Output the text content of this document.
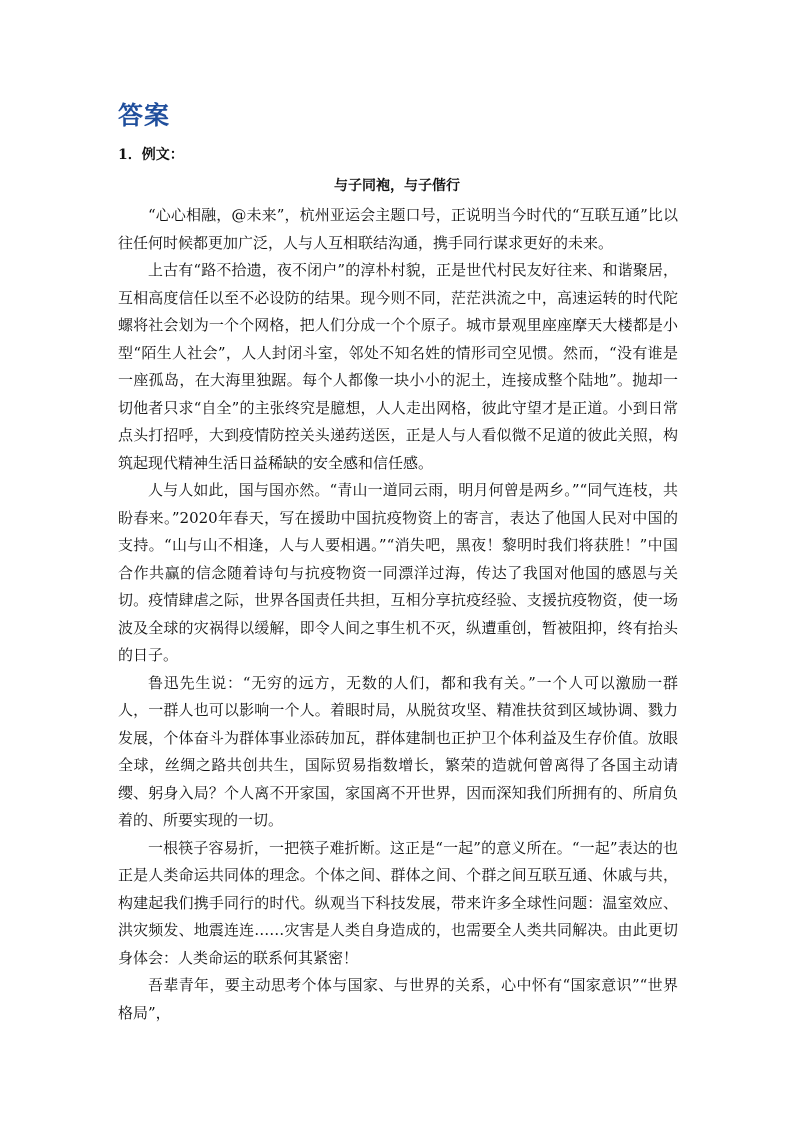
答案
1．例文：
与子同袍，与子偕行

“心心相融，@未来”，杭州亚运会主题口号，正说明当今时代的“互联互通”比以往任何时候都更加广泛，人与人互相联结沟通，携手同行谋求更好的未来。

上古有“路不拾遗，夜不闭户”的淳朴村貌，正是世代村民友好往来、和谐聚居，互相高度信任以至不必设防的结果。现今则不同，茫茫洪流之中，高速运转的时代陀螺将社会划为一个个网格，把人们分成一个个原子。城市景观里座座摩天大楼都是小型“陌生人社会”，人人封闭斗室，邻处不知名姓的情形司空见惯。然而，“没有谁是一座孤岛，在大海里独踞。每个人都像一块小小的泥土，连接成整个陆地”。抛却一切他者只求“自全”的主张终究是臆想，人人走出网格，彼此守望才是正道。小到日常点头打招呼，大到疫情防控关头递药送医，正是人与人看似微不足道的彼此关照，构筑起现代精神生活日益稀缺的安全感和信任感。

人与人如此，国与国亦然。“青山一道同云雨，明月何曾是两乡。”“同气连枝，共盼春来。”2020年春天，写在援助中国抗疫物资上的寄言，表达了他国人民对中国的支持。“山与山不相逢，人与人要相遇。”“消失吧，黑夜！黎明时我们将获胜！”中国合作共赢的信念随着诗句与抗疫物资一同漂洋过海，传达了我国对他国的感恩与关切。疫情肆虐之际，世界各国责任共担，互相分享抗疫经验、支援抗疫物资，使一场波及全球的灾祸得以缓解，即令人间之事生机不灭，纵遭重创，暂被阻抑，终有抬头的日子。

鲁迅先生说：“无穷的远方，无数的人们，都和我有关。”一个人可以激励一群人，一群人也可以影响一个人。着眼时局，从脱贫攻坚、精准扶贫到区域协调、戮力发展，个体奋斗为群体事业添砖加瓦，群体建制也正护卫个体利益及生存价值。放眼全球，丝绸之路共创共生，国际贸易指数增长，繁荣的造就何曾离得了各国主动请缨、躬身入局？个人离不开家国，家国离不开世界，因而深知我们所拥有的、所肩负着的、所要实现的一切。

一根筷子容易折，一把筷子难折断。这正是“一起”的意义所在。“一起”表达的也正是人类命运共同体的理念。个体之间、群体之间、个群之间互联互通、休戚与共，构建起我们携手同行的时代。纵观当下科技发展，带来许多全球性问题：温室效应、洪灾频发、地震连连……灾害是人类自身造成的，也需要全人类共同解决。由此更切身体会：人类命运的联系何其紧密！

吾辈青年，要主动思考个体与国家、与世界的关系，心中怀有“国家意识”“世界格局”，
